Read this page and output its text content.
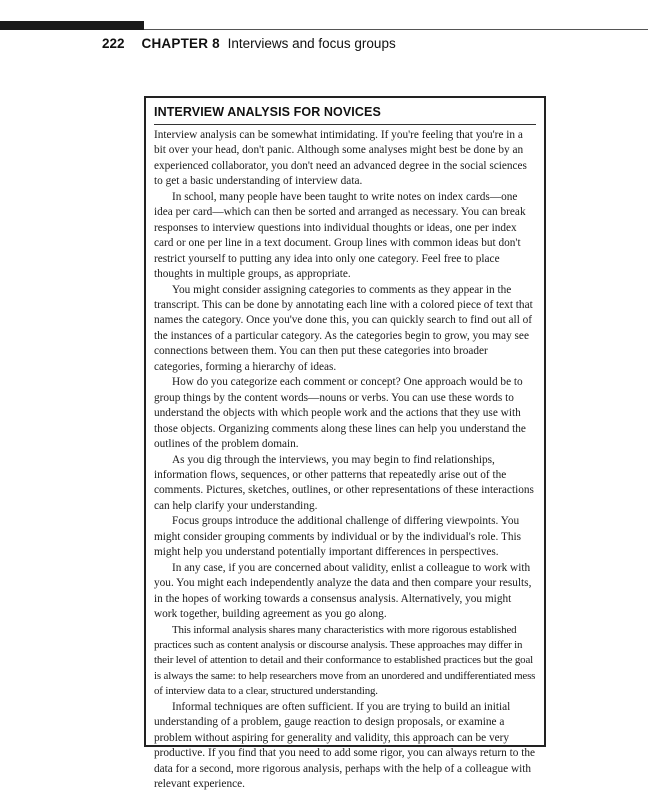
222 CHAPTER 8 Interviews and focus groups
INTERVIEW ANALYSIS FOR NOVICES

Interview analysis can be somewhat intimidating. If you're feeling that you're in a bit over your head, don't panic. Although some analyses might best be done by an experienced collaborator, you don't need an advanced degree in the social sciences to get a basic understanding of interview data.

In school, many people have been taught to write notes on index cards—one idea per card—which can then be sorted and arranged as necessary. You can break responses to interview questions into individual thoughts or ideas, one per index card or one per line in a text document. Group lines with common ideas but don't restrict yourself to putting any idea into only one category. Feel free to place thoughts in multiple groups, as appropriate.

You might consider assigning categories to comments as they appear in the transcript. This can be done by annotating each line with a colored piece of text that names the category. Once you've done this, you can quickly search to find out all of the instances of a particular category. As the categories begin to grow, you may see connections between them. You can then put these categories into broader categories, forming a hierarchy of ideas.

How do you categorize each comment or concept? One approach would be to group things by the content words—nouns or verbs. You can use these words to understand the objects with which people work and the actions that they use with those objects. Organizing comments along these lines can help you understand the outlines of the problem domain.

As you dig through the interviews, you may begin to find relationships, information flows, sequences, or other patterns that repeatedly arise out of the comments. Pictures, sketches, outlines, or other representations of these interactions can help clarify your understanding.

Focus groups introduce the additional challenge of differing viewpoints. You might consider grouping comments by individual or by the individual's role. This might help you understand potentially important differences in perspectives.

In any case, if you are concerned about validity, enlist a colleague to work with you. You might each independently analyze the data and then compare your results, in the hopes of working towards a consensus analysis. Alternatively, you might work together, building agreement as you go along.

This informal analysis shares many characteristics with more rigorous established practices such as content analysis or discourse analysis. These approaches may differ in their level of attention to detail and their conformance to established practices but the goal is always the same: to help researchers move from an unordered and undifferentiated mess of interview data to a clear, structured understanding.

Informal techniques are often sufficient. If you are trying to build an initial understanding of a problem, gauge reaction to design proposals, or examine a problem without aspiring for generality and validity, this approach can be very productive. If you find that you need to add some rigor, you can always return to the data for a second, more rigorous analysis, perhaps with the help of a colleague with relevant experience.
